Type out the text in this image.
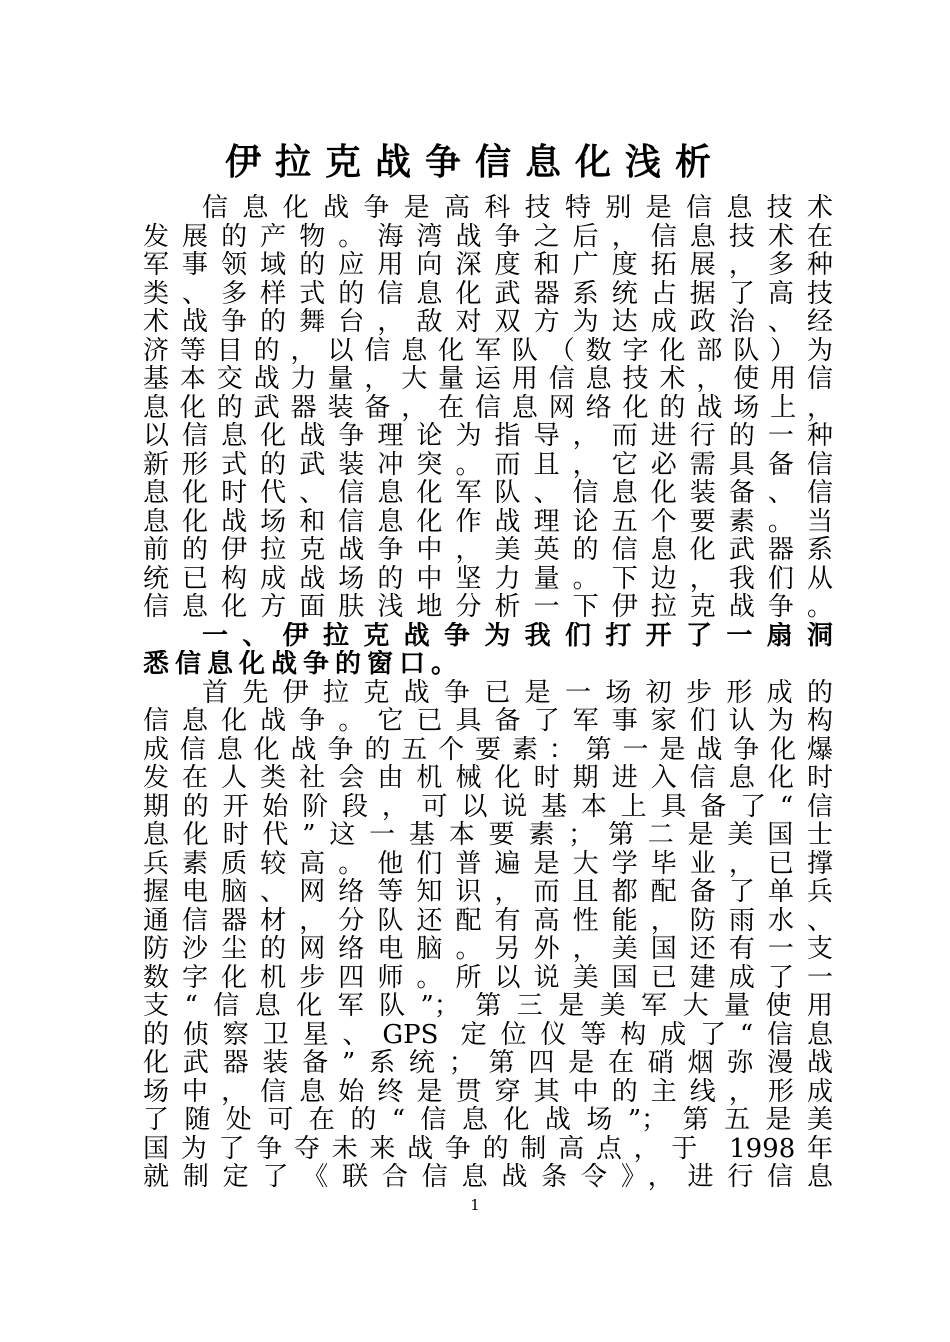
伊拉克战争信息化浅析
信息化战争是高科技特别是信息技术
发展的产物。海湾战争之后，信息技术在
军事领域的应用向深度和广度拓展，多种
类、多样式的信息化武器系统占据了高技
术战争的舞台，敌对双方为达成政治、经
济等目的，以信息化军队（数字化部队）为
基本交战力量，大量运用信息技术，使用信
息化的武器装备，在信息网络化的战场上，
以信息化战争理论为指导，而进行的一种
新形式的武装冲突。而且，它必需具备信
息化时代、信息化军队、信息化装备、信
息化战场和信息化作战理论五个要素。当
前的伊拉克战争中，美英的信息化武器系
统已构成战场的中坚力量。下边，我们从
信息化方面肤浅地分析一下伊拉克战争。
一、伊拉克战争为我们打开了一扇洞
悉信息化战争的窗口。
首先伊拉克战争已是一场初步形成的
信息化战争。它已具备了军事家们认为构
成信息化战争的五个要素：第一是战争化爆
发在人类社会由机械化时期进入信息化时
期的开始阶段，可以说基本上具备了“信
息化时代”这一基本要素；第二是美国士
兵素质较高。他们普遍是大学毕业，已撑
握电脑、网络等知识，而且都配备了单兵
通信器材，分队还配有高性能，防雨水、
防沙尘的网络电脑。另外，美国还有一支
数字化机步四师。所以说美国已建成了一
支“信息化军队”；第三是美军大量使用
的侦察卫星、GPS 定位仪等构成了“信息
化武器装备”系统；第四是在硝烟弥漫战
场中，信息始终是贯穿其中的主线，形成
了随处可在的“信息化战场”；第五是美
国为了争夺未来战争的制高点，于 1998年
就制定了《联合信息战条令》，进行信息
1
